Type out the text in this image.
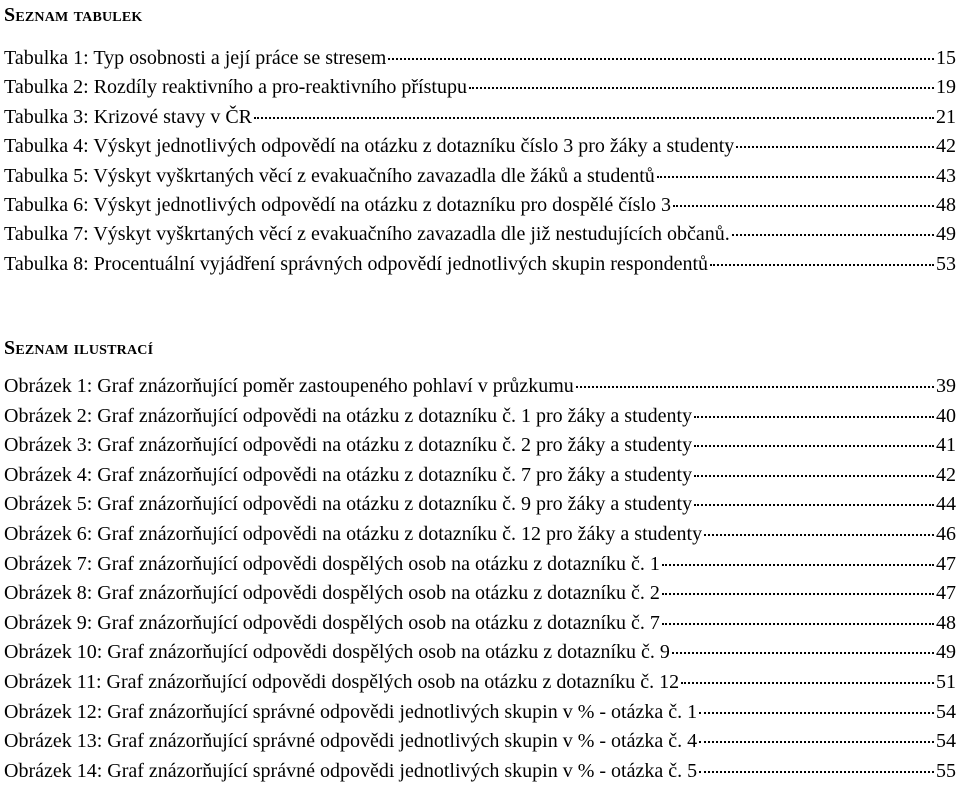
Seznam tabulek
Tabulka 1: Typ osobnosti a její práce se stresem	15
Tabulka 2: Rozdíly reaktivního a pro-reaktivního přístupu	19
Tabulka 3: Krizové stavy v ČR	21
Tabulka 4: Výskyt jednotlivých odpovědí na otázku z dotazníku číslo 3 pro žáky a studenty	42
Tabulka 5: Výskyt vyškrtaných věcí z evakuačního zavazadla dle žáků a studentů	43
Tabulka 6: Výskyt jednotlivých odpovědí na otázku z dotazníku pro dospělé číslo 3	48
Tabulka 7: Výskyt vyškrtaných věcí z evakuačního zavazadla dle již nestudujících občanů.	49
Tabulka 8: Procentuální vyjádření správných odpovědí jednotlivých skupin respondentů	53
Seznam ilustrací
Obrázek 1: Graf znázorňující poměr zastoupeného pohlaví v průzkumu	39
Obrázek 2: Graf znázorňující odpovědi na otázku z dotazníku č. 1 pro žáky a studenty	40
Obrázek 3: Graf znázorňující odpovědi na otázku z dotazníku č. 2 pro žáky a studenty	41
Obrázek 4: Graf znázorňující odpovědi na otázku z dotazníku č. 7 pro žáky a studenty	42
Obrázek 5: Graf znázorňující odpovědi na otázku z dotazníku č. 9 pro žáky a studenty	44
Obrázek 6: Graf znázorňující odpovědi na otázku z dotazníku č. 12 pro žáky a studenty	46
Obrázek 7: Graf znázorňující odpovědi dospělých osob na otázku z dotazníku č. 1	47
Obrázek 8: Graf znázorňující odpovědi dospělých osob na otázku z dotazníku č. 2	47
Obrázek 9: Graf znázorňující odpovědi dospělých osob na otázku z dotazníku č. 7	48
Obrázek 10: Graf znázorňující odpovědi dospělých osob na otázku z dotazníku č. 9	49
Obrázek 11: Graf znázorňující odpovědi dospělých osob na otázku z dotazníku č. 12	51
Obrázek 12: Graf znázorňující správné odpovědi jednotlivých skupin v % - otázka č. 1	54
Obrázek 13: Graf znázorňující správné odpovědi jednotlivých skupin v % - otázka č. 4	54
Obrázek 14: Graf znázorňující správné odpovědi jednotlivých skupin v % - otázka č. 5	55
